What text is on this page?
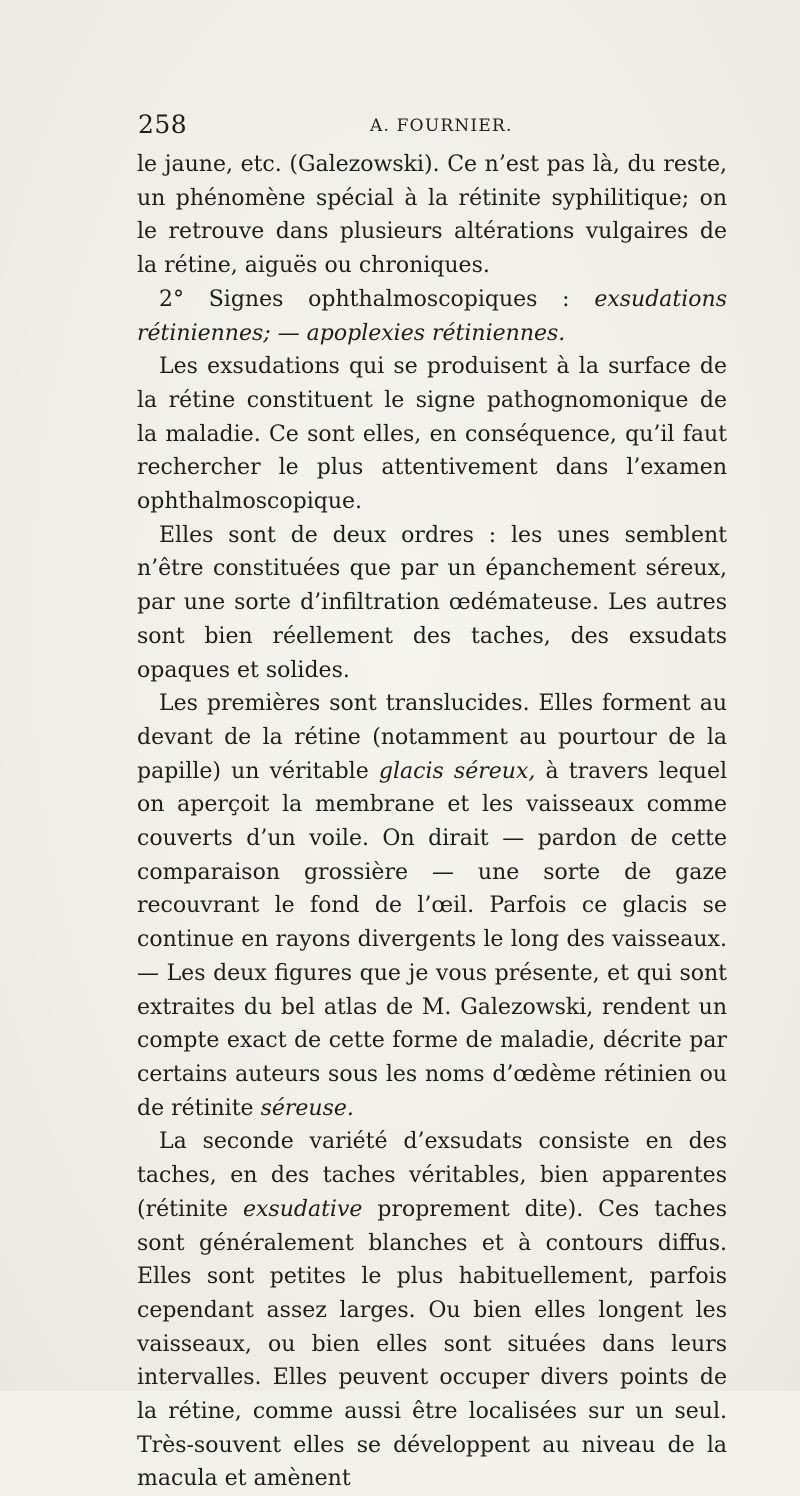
258	A. FOURNIER.

le jaune, etc. (Galezowski). Ce n’est pas là, du reste, un phénomène spécial à la rétinite syphilitique; on le retrouve dans plusieurs altérations vulgaires de la rétine, aiguës ou chroniques.

2° Signes ophthalmoscopiques : exsudations rétiniennes; — apoplexies rétiniennes.

Les exsudations qui se produisent à la surface de la rétine constituent le signe pathognomonique de la maladie. Ce sont elles, en conséquence, qu’il faut rechercher le plus attentivement dans l’examen ophthalmoscopique.

Elles sont de deux ordres : les unes semblent n’être constituées que par un épanchement séreux, par une sorte d’infiltration œdémateuse. Les autres sont bien réellement des taches, des exsudats opaques et solides.

Les premières sont translucides. Elles forment au devant de la rétine (notamment au pourtour de la papille) un véritable glacis séreux, à travers lequel on aperçoit la membrane et les vaisseaux comme couverts d’un voile. On dirait — pardon de cette comparaison grossière — une sorte de gaze recouvrant le fond de l’œil. Parfois ce glacis se continue en rayons divergents le long des vaisseaux. — Les deux figures que je vous présente, et qui sont extraites du bel atlas de M. Galezowski, rendent un compte exact de cette forme de maladie, décrite par certains auteurs sous les noms d’œdème rétinien ou de rétinite séreuse.

La seconde variété d’exsudats consiste en des taches, en des taches véritables, bien apparentes (rétinite exsudative proprement dite). Ces taches sont généralement blanches et à contours diffus. Elles sont petites le plus habituellement, parfois cependant assez larges. Ou bien elles longent les vaisseaux, ou bien elles sont situées dans leurs intervalles. Elles peuvent occuper divers points de la rétine, comme aussi être localisées sur un seul. Très-souvent elles se développent au niveau de la macula et amènent
